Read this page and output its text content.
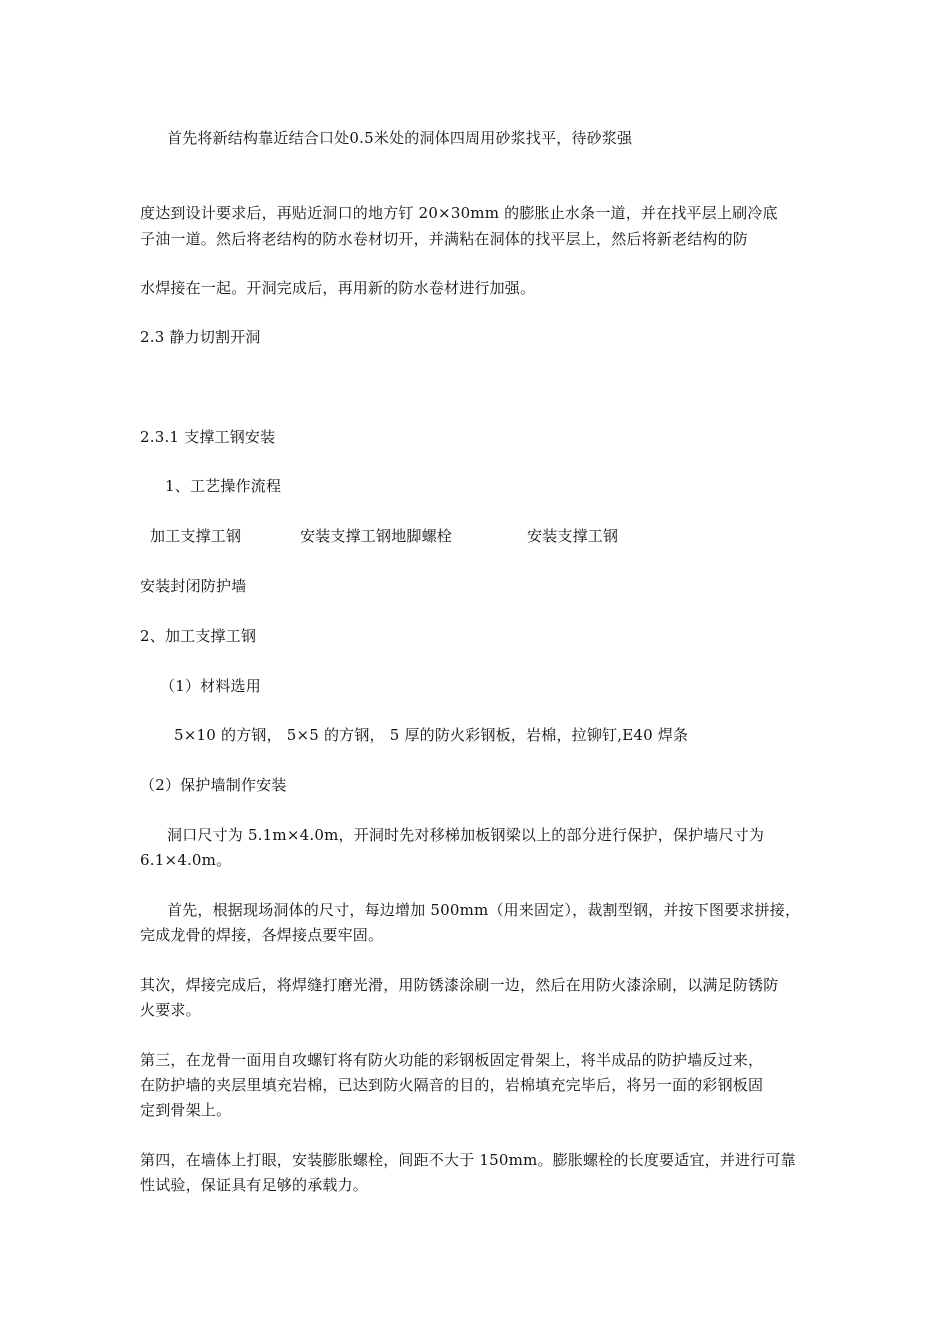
首先将新结构靠近结合口处0.5米处的洞体四周用砂浆找平，待砂浆强
度达到设计要求后，再贴近洞口的地方钉 20×30mm 的膨胀止水条一道，并在找平层上刷冷底
子油一道。然后将老结构的防水卷材切开，并满粘在洞体的找平层上，然后将新老结构的防
水焊接在一起。开洞完成后，再用新的防水卷材进行加强。
2.3 静力切割开洞
2.3.1 支撑工钢安装
1、工艺操作流程
加工支撑工钢	安装支撑工钢地脚螺栓	安装支撑工钢
安装封闭防护墙
2、加工支撑工钢
（1）材料选用
5×10 的方钢， 5×5 的方钢， 5 厚的防火彩钢板，岩棉，拉铆钉,E40 焊条
（2）保护墙制作安装
洞口尺寸为 5.1m×4.0m，开洞时先对移梯加板钢梁以上的部分进行保护，保护墙尺寸为
6.1×4.0m。
首先，根据现场洞体的尺寸，每边增加 500mm（用来固定），裁割型钢，并按下图要求拼接，
完成龙骨的焊接，各焊接点要牢固。
其次，焊接完成后，将焊缝打磨光滑，用防锈漆涂刷一边，然后在用防火漆涂刷，以满足防锈防
火要求。
第三，在龙骨一面用自攻螺钉将有防火功能的彩钢板固定骨架上，将半成品的防护墙反过来，
在防护墙的夹层里填充岩棉，已达到防火隔音的目的，岩棉填充完毕后，将另一面的彩钢板固
定到骨架上。
第四，在墙体上打眼，安装膨胀螺栓，间距不大于 150mm。膨胀螺栓的长度要适宜，并进行可靠
性试验，保证具有足够的承载力。
